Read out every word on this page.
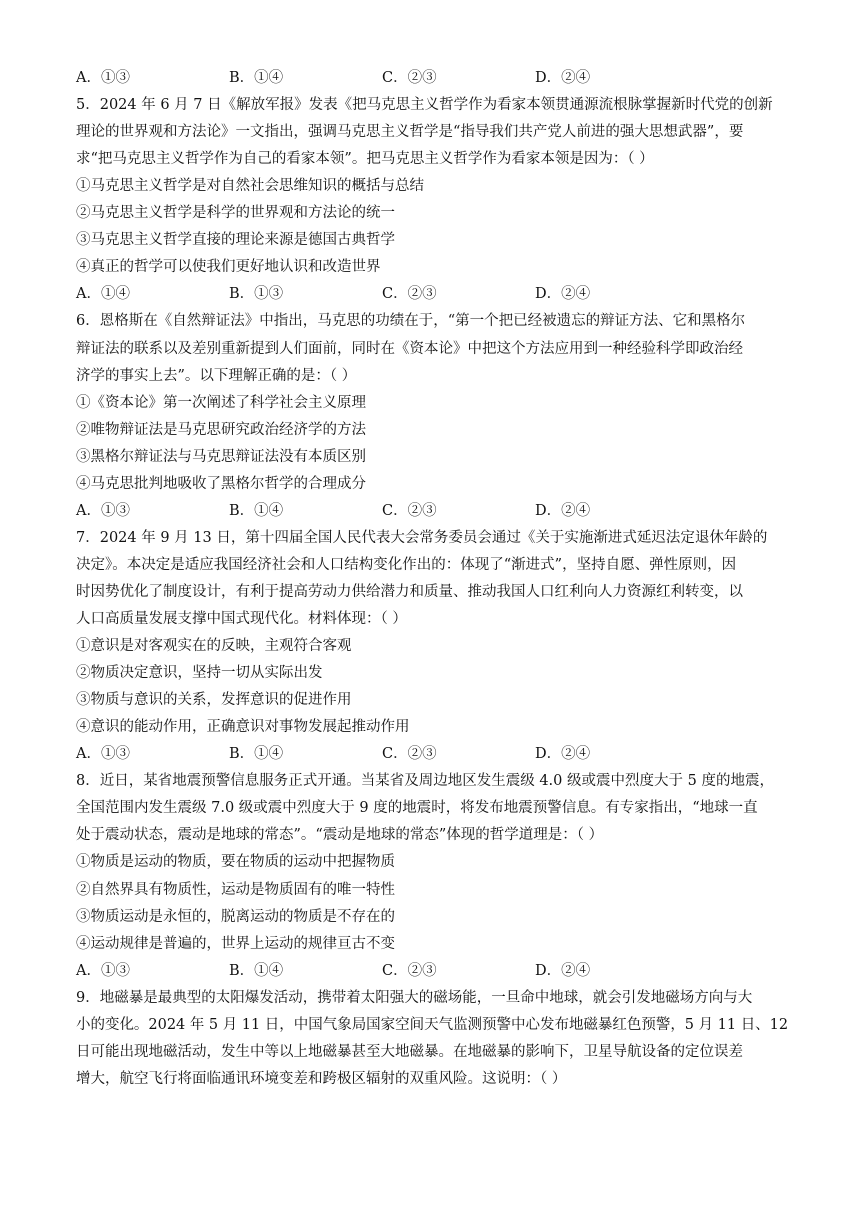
A．①③	B．①④	C．②③	D．②④
5．2024 年 6 月 7 日《解放军报》发表《把马克思主义哲学作为看家本领贯通源流根脉掌握新时代党的创新
理论的世界观和方法论》一文指出，强调马克思主义哲学是“指导我们共产党人前进的强大思想武器”，要
求“把马克思主义哲学作为自己的看家本领”。把马克思主义哲学作为看家本领是因为：（ ）
①马克思主义哲学是对自然社会思维知识的概括与总结
②马克思主义哲学是科学的世界观和方法论的统一
③马克思主义哲学直接的理论来源是德国古典哲学
④真正的哲学可以使我们更好地认识和改造世界
A．①④	B．①③	C．②③	D．②④
6．恩格斯在《自然辩证法》中指出，马克思的功绩在于，“第一个把已经被遗忘的辩证方法、它和黑格尔
辩证法的联系以及差别重新提到人们面前，同时在《资本论》中把这个方法应用到一种经验科学即政治经
济学的事实上去”。以下理解正确的是：（ ）
①《资本论》第一次阐述了科学社会主义原理
②唯物辩证法是马克思研究政治经济学的方法
③黑格尔辩证法与马克思辩证法没有本质区别
④马克思批判地吸收了黑格尔哲学的合理成分
A．①③	B．①④	C．②③	D．②④
7．2024 年 9 月 13 日，第十四届全国人民代表大会常务委员会通过《关于实施渐进式延迟法定退休年龄的
决定》。本决定是适应我国经济社会和人口结构变化作出的：体现了“渐进式”，坚持自愿、弹性原则，因
时因势优化了制度设计，有利于提高劳动力供给潜力和质量、推动我国人口红利向人力资源红利转变，以
人口高质量发展支撑中国式现代化。材料体现：（ ）
①意识是对客观实在的反映，主观符合客观
②物质决定意识，坚持一切从实际出发
③物质与意识的关系，发挥意识的促进作用
④意识的能动作用，正确意识对事物发展起推动作用
A．①③	B．①④	C．②③	D．②④
8．近日，某省地震预警信息服务正式开通。当某省及周边地区发生震级 4.0 级或震中烈度大于 5 度的地震，
全国范围内发生震级 7.0 级或震中烈度大于 9 度的地震时，将发布地震预警信息。有专家指出，“地球一直
处于震动状态，震动是地球的常态”。“震动是地球的常态”体现的哲学道理是：（ ）
①物质是运动的物质，要在物质的运动中把握物质
②自然界具有物质性，运动是物质固有的唯一特性
③物质运动是永恒的，脱离运动的物质是不存在的
④运动规律是普遍的，世界上运动的规律亘古不变
A．①③	B．①④	C．②③	D．②④
9．地磁暴是最典型的太阳爆发活动，携带着太阳强大的磁场能，一旦命中地球，就会引发地磁场方向与大
小的变化。2024 年 5 月 11 日，中国气象局国家空间天气监测预警中心发布地磁暴红色预警，5 月 11 日、12
日可能出现地磁活动，发生中等以上地磁暴甚至大地磁暴。在地磁暴的影响下，卫星导航设备的定位误差
增大，航空飞行将面临通讯环境变差和跨极区辐射的双重风险。这说明：（ ）
